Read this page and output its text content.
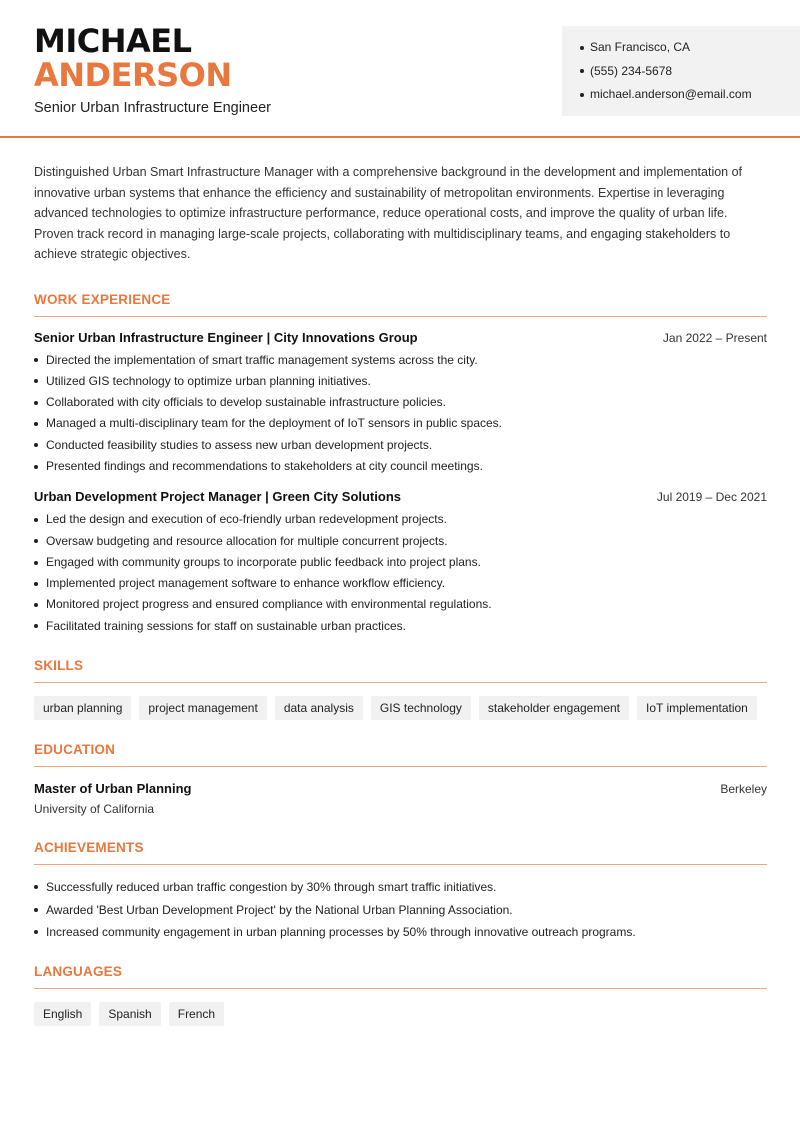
MICHAEL
ANDERSON
Senior Urban Infrastructure Engineer
San Francisco, CA
(555) 234-5678
michael.anderson@email.com

Distinguished Urban Smart Infrastructure Manager with a comprehensive background in the development and implementation of innovative urban systems that enhance the efficiency and sustainability of metropolitan environments. Expertise in leveraging advanced technologies to optimize infrastructure performance, reduce operational costs, and improve the quality of urban life. Proven track record in managing large-scale projects, collaborating with multidisciplinary teams, and engaging stakeholders to achieve strategic objectives.

WORK EXPERIENCE
Senior Urban Infrastructure Engineer | City Innovations Group	Jan 2022 – Present
Directed the implementation of smart traffic management systems across the city.
Utilized GIS technology to optimize urban planning initiatives.
Collaborated with city officials to develop sustainable infrastructure policies.
Managed a multi-disciplinary team for the deployment of IoT sensors in public spaces.
Conducted feasibility studies to assess new urban development projects.
Presented findings and recommendations to stakeholders at city council meetings.
Urban Development Project Manager | Green City Solutions	Jul 2019 – Dec 2021
Led the design and execution of eco-friendly urban redevelopment projects.
Oversaw budgeting and resource allocation for multiple concurrent projects.
Engaged with community groups to incorporate public feedback into project plans.
Implemented project management software to enhance workflow efficiency.
Monitored project progress and ensured compliance with environmental regulations.
Facilitated training sessions for staff on sustainable urban practices.
SKILLS
urban planning	project management	data analysis	GIS technology	stakeholder engagement	IoT implementation
EDUCATION
Master of Urban Planning	Berkeley
University of California
ACHIEVEMENTS
Successfully reduced urban traffic congestion by 30% through smart traffic initiatives.
Awarded 'Best Urban Development Project' by the National Urban Planning Association.
Increased community engagement in urban planning processes by 50% through innovative outreach programs.
LANGUAGES
English	Spanish	French
